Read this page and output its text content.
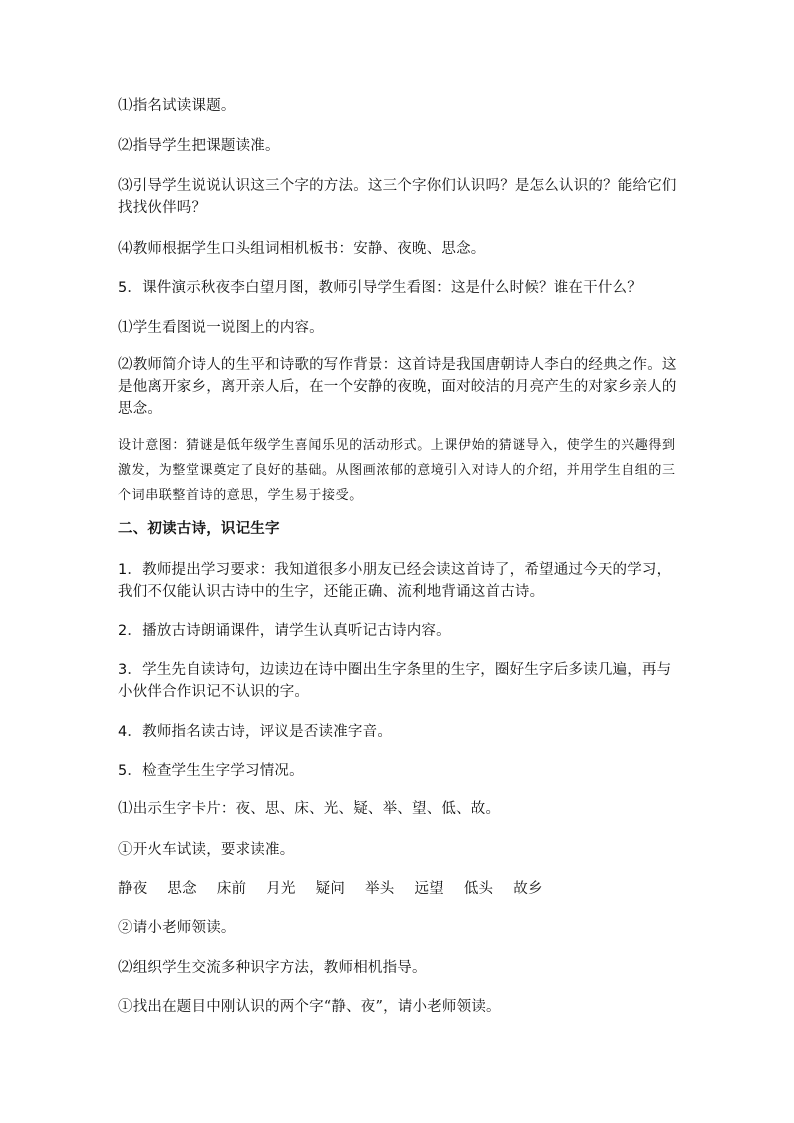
⑴指名试读课题。

⑵指导学生把课题读准。

⑶引导学生说说认识这三个字的方法。这三个字你们认识吗？是怎么认识的？能给它们找找伙伴吗？

⑷教师根据学生口头组词相机板书：安静、夜晚、思念。

5．课件演示秋夜李白望月图，教师引导学生看图：这是什么时候？谁在干什么？

⑴学生看图说一说图上的内容。

⑵教师简介诗人的生平和诗歌的写作背景：这首诗是我国唐朝诗人李白的经典之作。这是他离开家乡，离开亲人后，在一个安静的夜晚，面对皎洁的月亮产生的对家乡亲人的思念。

设计意图：猜谜是低年级学生喜闻乐见的活动形式。上课伊始的猜谜导入，使学生的兴趣得到激发，为整堂课奠定了良好的基础。从图画浓郁的意境引入对诗人的介绍，并用学生自组的三个词串联整首诗的意思，学生易于接受。

二、初读古诗，识记生字

1．教师提出学习要求：我知道很多小朋友已经会读这首诗了，希望通过今天的学习，我们不仅能认识古诗中的生字，还能正确、流利地背诵这首古诗。

2．播放古诗朗诵课件，请学生认真听记古诗内容。

3．学生先自读诗句，边读边在诗中圈出生字条里的生字，圈好生字后多读几遍，再与小伙伴合作识记不认识的字。

4．教师指名读古诗，评议是否读准字音。

5．检查学生生字学习情况。

⑴出示生字卡片：夜、思、床、光、疑、举、望、低、故。

①开火车试读，要求读准。

静夜 思念 床前 月光 疑问 举头 远望 低头 故乡

②请小老师领读。

⑵组织学生交流多种识字方法，教师相机指导。

①找出在题目中刚认识的两个字“静、夜”，请小老师领读。
